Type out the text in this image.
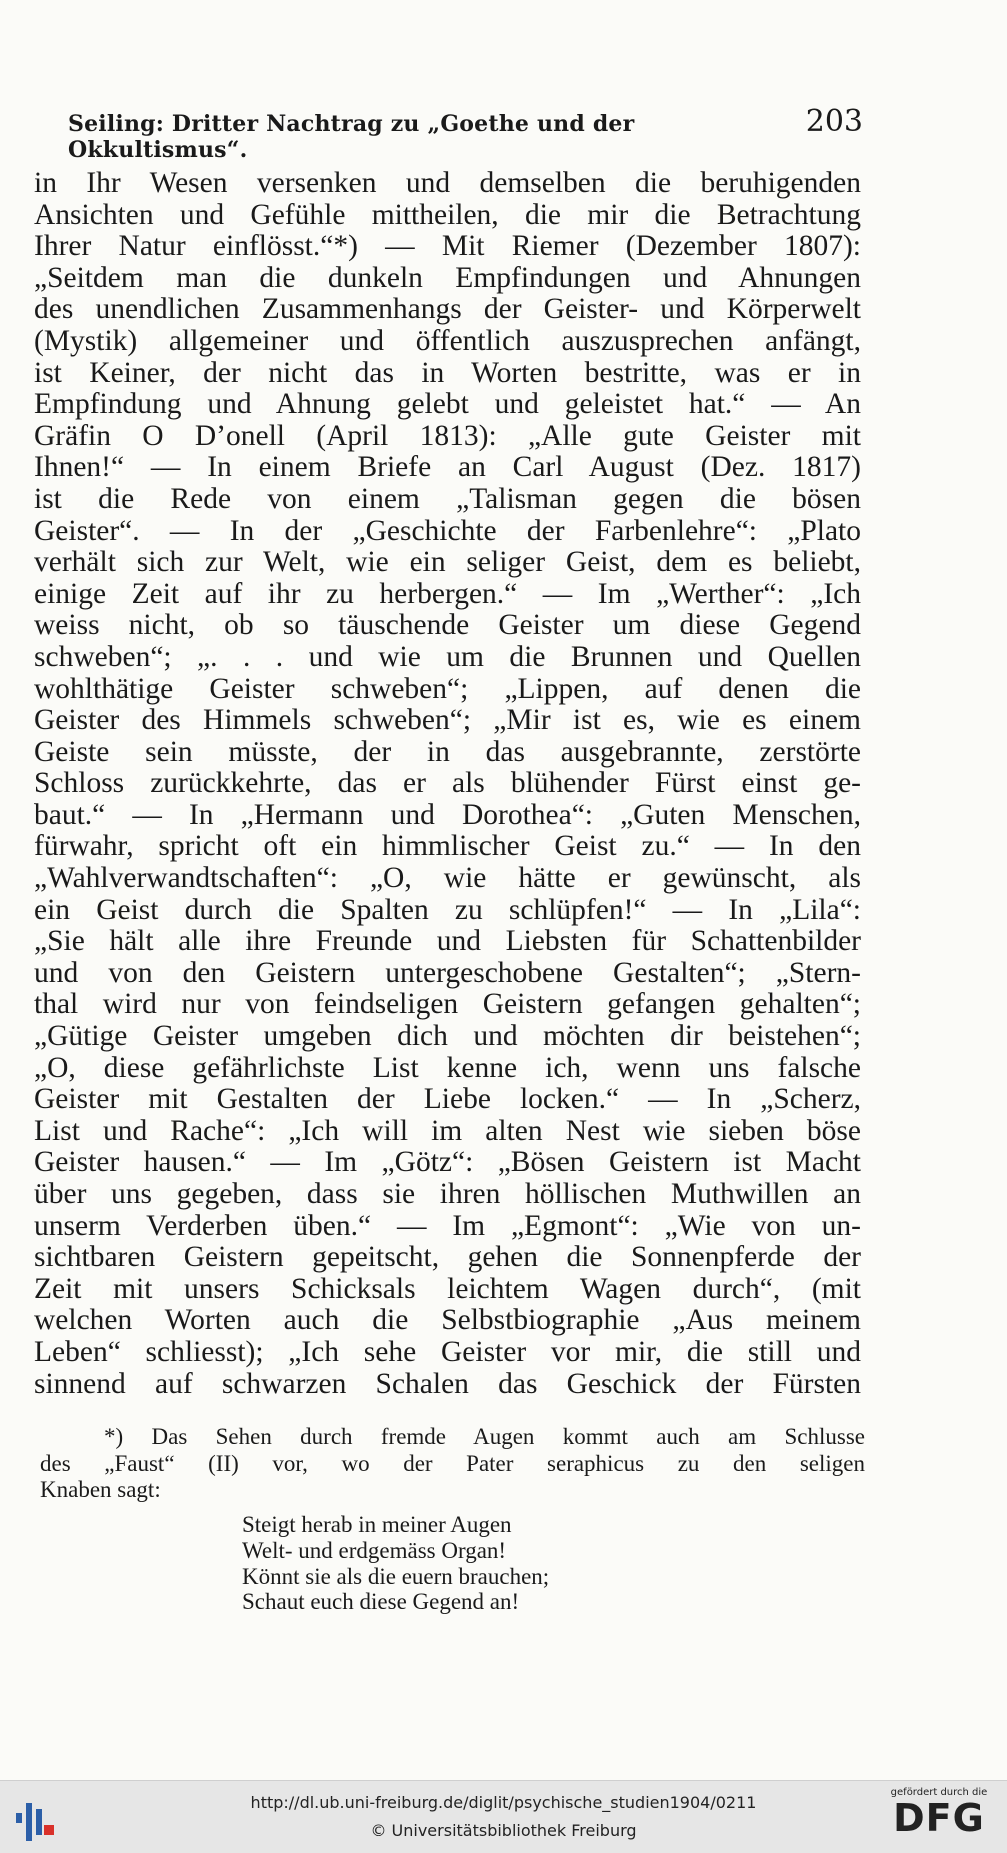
Seiling: Dritter Nachtrag zu „Goethe und der Okkultismus“.
203
in Ihr Wesen versenken und demselben die beruhigenden
Ansichten und Gefühle mittheilen, die mir die Betrachtung
Ihrer Natur einflösst.“*) — Mit Riemer (Dezember 1807):
„Seitdem man die dunkeln Empfindungen und Ahnungen
des unendlichen Zusammenhangs der Geister- und Körperwelt
(Mystik) allgemeiner und öffentlich auszusprechen anfängt,
ist Keiner, der nicht das in Worten bestritte, was er in
Empfindung und Ahnung gelebt und geleistet hat.“ — An
Gräfin O D’onell (April 1813): „Alle gute Geister mit
Ihnen!“ — In einem Briefe an Carl August (Dez. 1817)
ist die Rede von einem „Talisman gegen die bösen
Geister“. — In der „Geschichte der Farbenlehre“: „Plato
verhält sich zur Welt, wie ein seliger Geist, dem es beliebt,
einige Zeit auf ihr zu herbergen.“ — Im „Werther“: „Ich
weiss nicht, ob so täuschende Geister um diese Gegend
schweben“; „. . . und wie um die Brunnen und Quellen
wohlthätige Geister schweben“; „Lippen, auf denen die
Geister des Himmels schweben“; „Mir ist es, wie es einem
Geiste sein müsste, der in das ausgebrannte, zerstörte
Schloss zurückkehrte, das er als blühender Fürst einst ge-
baut.“ — In „Hermann und Dorothea“: „Guten Menschen,
fürwahr, spricht oft ein himmlischer Geist zu.“ — In den
„Wahlverwandtschaften“: „O, wie hätte er gewünscht, als
ein Geist durch die Spalten zu schlüpfen!“ — In „Lila“:
„Sie hält alle ihre Freunde und Liebsten für Schattenbilder
und von den Geistern untergeschobene Gestalten“; „Stern-
thal wird nur von feindseligen Geistern gefangen gehalten“;
„Gütige Geister umgeben dich und möchten dir beistehen“;
„O, diese gefährlichste List kenne ich, wenn uns falsche
Geister mit Gestalten der Liebe locken.“ — In „Scherz,
List und Rache“: „Ich will im alten Nest wie sieben böse
Geister hausen.“ — Im „Götz“: „Bösen Geistern ist Macht
über uns gegeben, dass sie ihren höllischen Muthwillen an
unserm Verderben üben.“ — Im „Egmont“: „Wie von un-
sichtbaren Geistern gepeitscht, gehen die Sonnenpferde der
Zeit mit unsers Schicksals leichtem Wagen durch“, (mit
welchen Worten auch die Selbstbiographie „Aus meinem
Leben“ schliesst); „Ich sehe Geister vor mir, die still und
sinnend auf schwarzen Schalen das Geschick der Fürsten
*) Das Sehen durch fremde Augen kommt auch am Schlusse
des „Faust“ (II) vor, wo der Pater seraphicus zu den seligen
Knaben sagt:
Steigt herab in meiner Augen
Welt- und erdgemäss Organ!
Könnt sie als die euern brauchen;
Schaut euch diese Gegend an!
http://dl.ub.uni-freiburg.de/diglit/psychische_studien1904/0211
© Universitätsbibliothek Freiburg
gefördert durch die
DFG
